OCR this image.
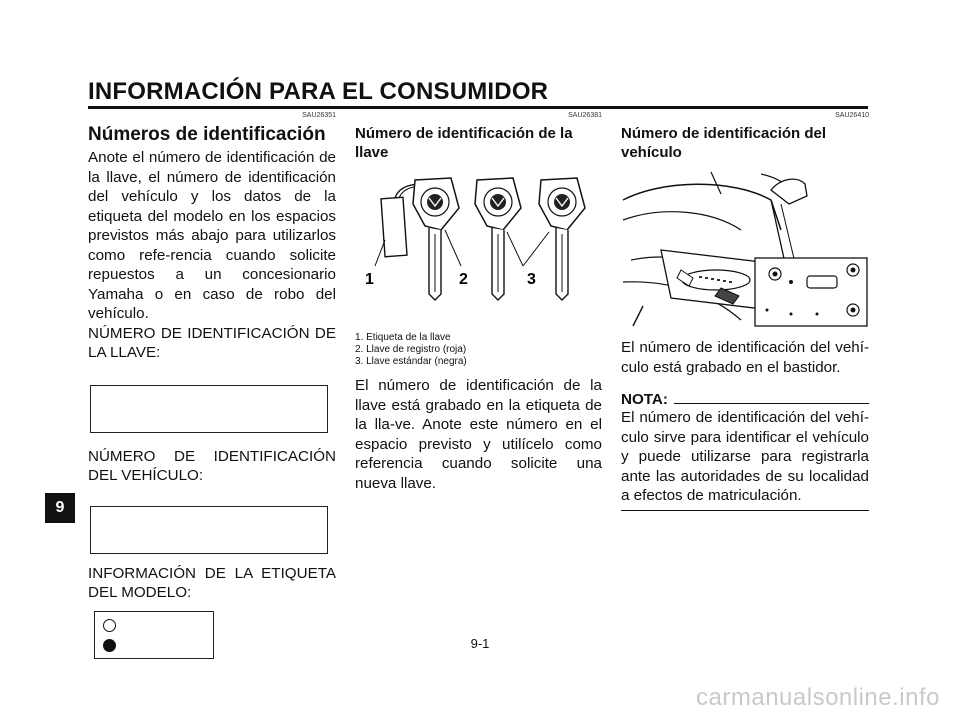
INFORMACIÓN PARA EL CONSUMIDOR
SAU26351
Números de identificación

Anote el número de identificación de la llave, el número de identificación del vehículo y los datos de la etiqueta del modelo en los espacios previstos más abajo para utilizarlos como refe-rencia cuando solicite repuestos a un concesionario Yamaha o en caso de robo del vehículo.

NÚMERO DE IDENTIFICACIÓN DE LA LLAVE:

NÚMERO DE IDENTIFICACIÓN DEL VEHÍCULO:

INFORMACIÓN DE LA ETIQUETA DEL MODELO:

SAU26381
Número de identificación de la llave
1	2	3
1. Etiqueta de la llave
2. Llave de registro (roja)
3. Llave estándar (negra)

El número de identificación de la llave está grabado en la etiqueta de la lla-ve. Anote este número en el espacio previsto y utilícelo como referencia cuando solicite una nueva llave.

SAU26410
Número de identificación del vehículo

El número de identificación del vehí-culo está grabado en el bastidor.

NOTA:

El número de identificación del vehí-culo sirve para identificar el vehículo y puede utilizarse para registrarla ante las autoridades de su localidad a efectos de matriculación.

9
9-1
carmanualsonline.info
